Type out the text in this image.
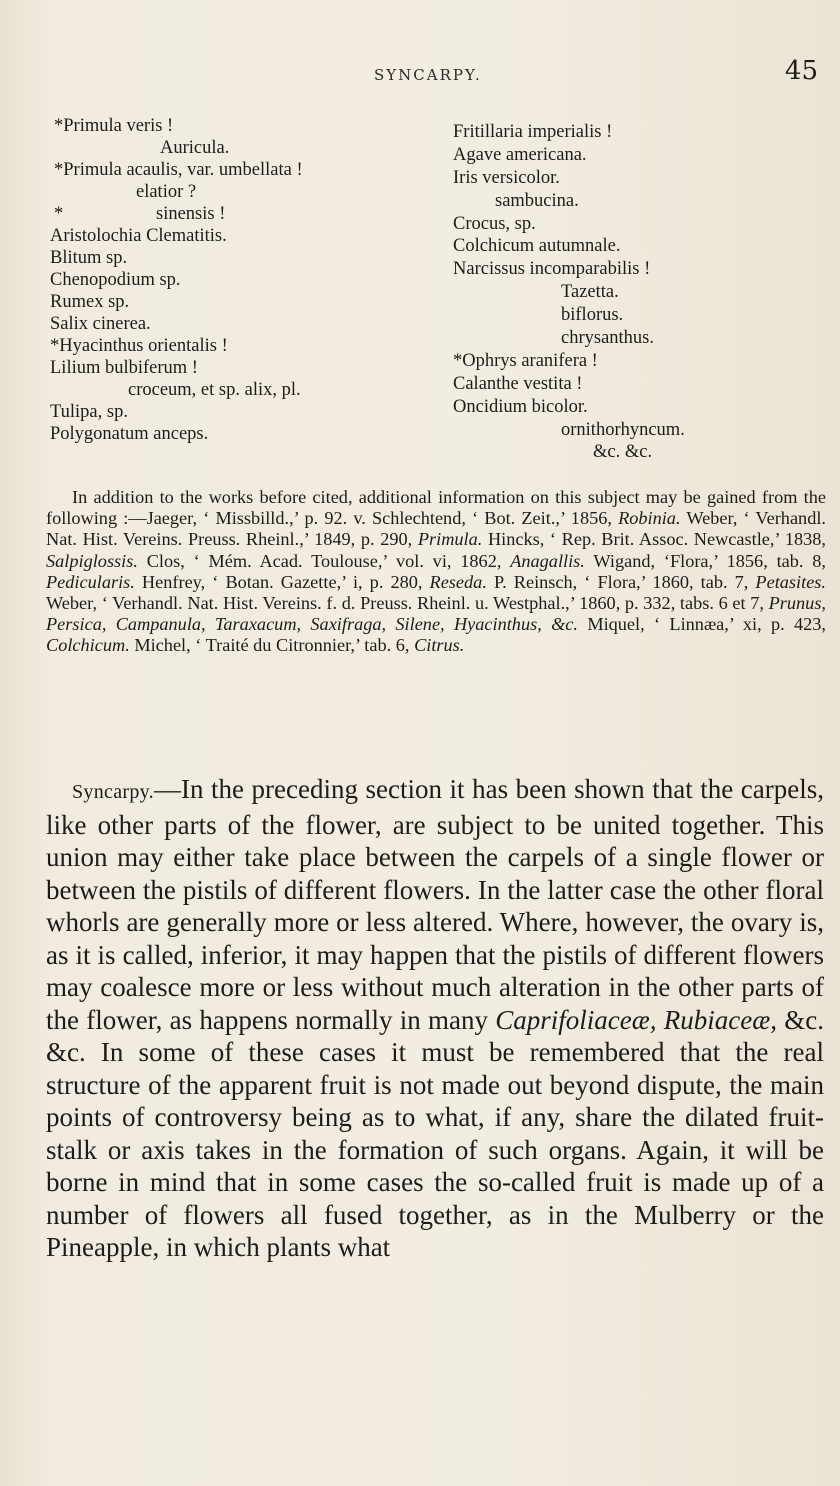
SYNCARPY.	45
*Primula veris !
Auricula.
*Primula acaulis, var. umbellata !
elatior ?
*	sinensis !
Aristolochia Clematitis.
Blitum sp.
Chenopodium sp.
Rumex sp.
Salix cinerea.
*Hyacinthus orientalis !
Lilium bulbiferum !
croceum, et sp. alix, pl.
Tulipa, sp.
Polygonatum anceps.
Fritillaria imperialis !
Agave americana.
Iris versicolor.
sambucina.
Crocus, sp.
Colchicum autumnale.
Narcissus incomparabilis !
Tazetta.
biflorus.
chrysanthus.
*Ophrys aranifera !
Calanthe vestita !
Oncidium bicolor.
ornithorhyncum.
&c. &c.
In addition to the works before cited, additional information on this subject may be gained from the following :—Jaeger, ‘ Missbilld.,’ p. 92. v. Schlechtend, ‘ Bot. Zeit.,’ 1856, Robinia. Weber, ‘ Verhandl. Nat. Hist. Vereins. Preuss. Rheinl.,’ 1849, p. 290, Primula. Hincks, ‘ Rep. Brit. Assoc. Newcastle,’ 1838, Salpiglossis. Clos, ‘ Mém. Acad. Toulouse,’ vol. vi, 1862, Anagallis. Wigand, ‘Flora,’ 1856, tab. 8, Pedicularis. Henfrey, ‘ Botan. Gazette,’ i, p. 280, Reseda. P. Reinsch, ‘ Flora,’ 1860, tab. 7, Petasites. Weber, ‘ Verhandl. Nat. Hist. Vereins. f. d. Preuss. Rheinl. u. Westphal.,’ 1860, p. 332, tabs. 6 et 7, Prunus, Persica, Campanula, Taraxacum, Saxifraga, Silene, Hyacinthus, &c. Miquel, ‘ Linnæa,’ xi, p. 423, Colchicum. Michel, ‘ Traité du Citronnier,’ tab. 6, Citrus.
Syncarpy.—In the preceding section it has been shown that the carpels, like other parts of the flower, are subject to be united together. This union may either take place between the carpels of a single flower or between the pistils of different flowers. In the latter case the other floral whorls are generally more or less altered. Where, however, the ovary is, as it is called, inferior, it may happen that the pistils of different flowers may coalesce more or less without much alteration in the other parts of the flower, as happens normally in many Caprifoliaceæ, Rubiaceæ, &c. &c. In some of these cases it must be remembered that the real structure of the apparent fruit is not made out beyond dispute, the main points of controversy being as to what, if any, share the dilated fruit-stalk or axis takes in the formation of such organs. Again, it will be borne in mind that in some cases the so-called fruit is made up of a number of flowers all fused together, as in the Mulberry or the Pineapple, in which plants what
